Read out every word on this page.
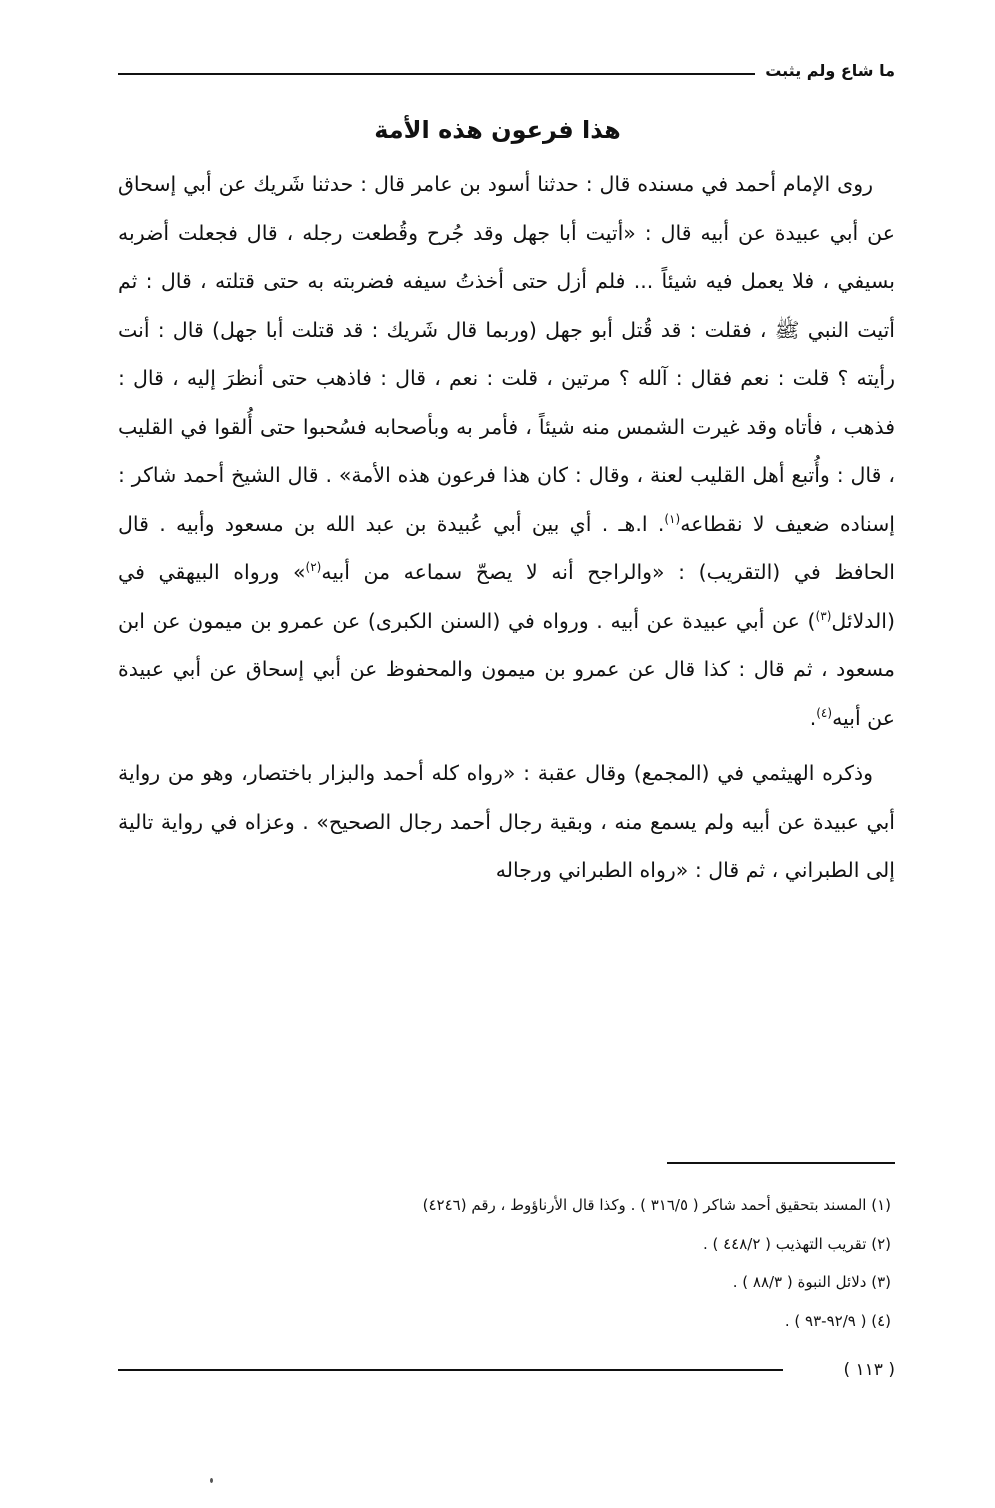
ما شاع ولم يثبت
هذا فرعون هذه الأمة

روى الإمام أحمد في مسنده قال : حدثنا أسود بن عامر قال : حدثنا شَريك عن أبي إسحاق عن أبي عبيدة عن أبيه قال : «أتيت أبا جهل وقد جُرح وقُطعت رجله ، قال فجعلت أضربه بسيفي ، فلا يعمل فيه شيئاً ... فلم أزل حتى أخذتُ سيفه فضربته به حتى قتلته ، قال : ثم أتيت النبي ﷺ ، فقلت : قد قُتل أبو جهل (وربما قال شَريك : قد قتلت أبا جهل) قال : أنت رأيته ؟ قلت : نعم فقال : آلله ؟ مرتين ، قلت : نعم ، قال : فاذهب حتى أنظرَ إليه ، قال : فذهب ، فأتاه وقد غيرت الشمس منه شيئاً ، فأمر به وبأصحابه فسُحبوا حتى أُلقوا في القليب ، قال : وأُتبع أهل القليب لعنة ، وقال : كان هذا فرعون هذه الأمة» . قال الشيخ أحمد شاكر : إسناده ضعيف لا نقطاعه$^{(١)}$. ا.هـ . أي بين أبي عُبيدة بن عبد الله بن مسعود وأبيه . قال الحافظ في (التقريب) : «والراجح أنه لا يصحّ سماعه من أبيه$^{(٢)}$» ورواه البيهقي في (الدلائل$^{(٣)}$) عن أبي عبيدة عن أبيه . ورواه في (السنن الكبرى) عن عمرو بن ميمون عن ابن مسعود ، ثم قال : كذا قال عن عمرو بن ميمون والمحفوظ عن أبي إسحاق عن أبي عبيدة عن أبيه$^{(٤)}$.

وذكره الهيثمي في (المجمع) وقال عقبة : «رواه كله أحمد والبزار باختصار، وهو من رواية أبي عبيدة عن أبيه ولم يسمع منه ، وبقية رجال أحمد رجال الصحيح» . وعزاه في رواية تالية إلى الطبراني ، ثم قال : «رواه الطبراني ورجاله

(١) المسند بتحقيق أحمد شاكر ( ٣١٦/٥ ) . وكذا قال الأرناؤوط ، رقم (٤٢٤٦)
(٢) تقريب التهذيب ( ٤٤٨/٢ ) .
(٣) دلائل النبوة ( ٨٨/٣ ) .
(٤) ( ٩٢/٩-٩٣ ) .
( ١١٣ )
